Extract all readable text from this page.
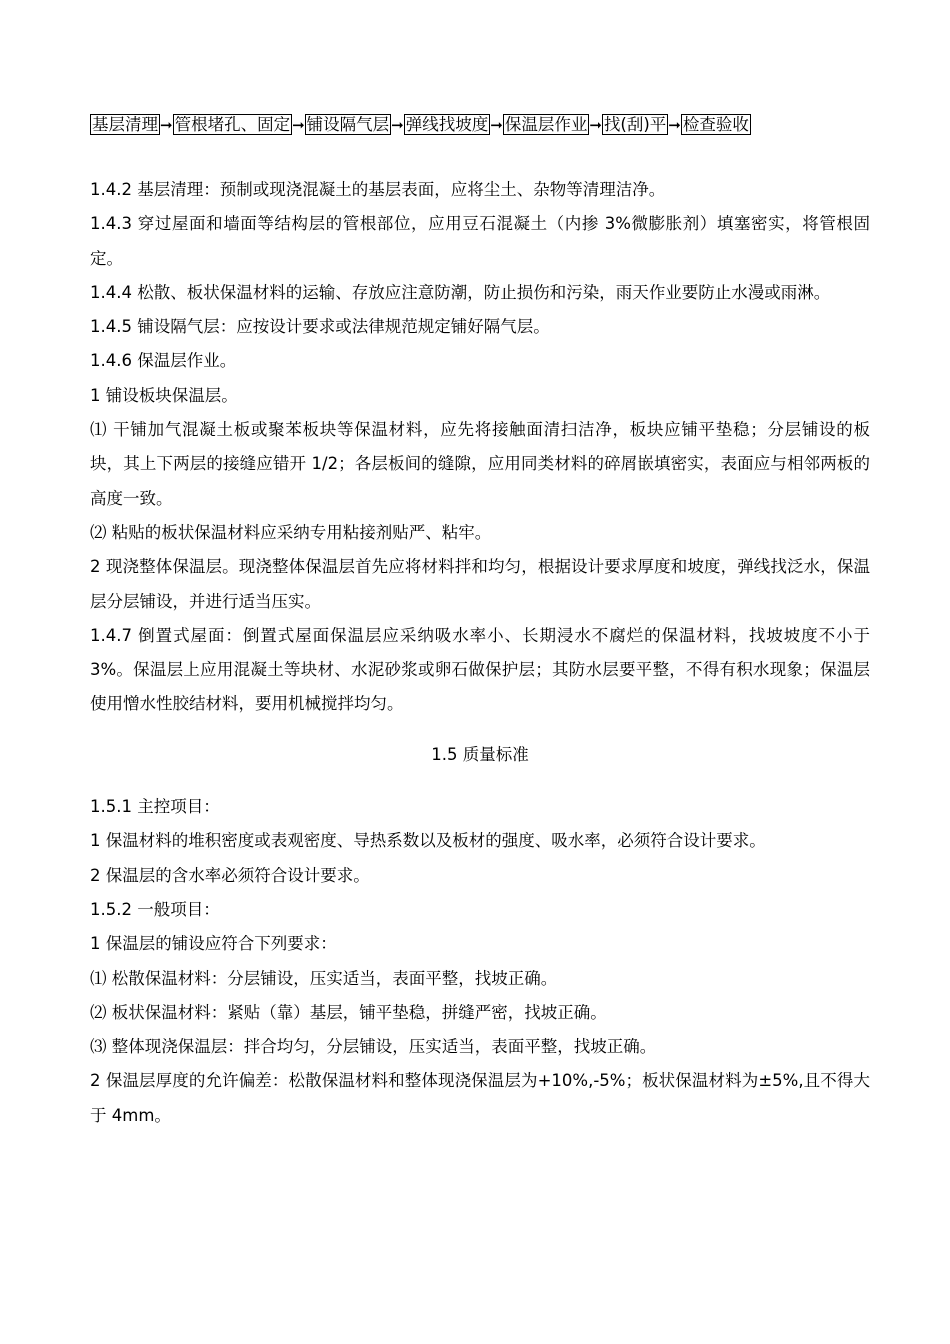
基层清理 ➞ 管根堵孔、固定 ➞ 铺设隔气层 ➞ 弹线找坡度 ➞ 保温层作业 ➞ 找(刮)平 ➞ 检查验收

1.4.2 基层清理：预制或现浇混凝土的基层表面，应将尘土、杂物等清理洁净。

1.4.3 穿过屋面和墙面等结构层的管根部位，应用豆石混凝土（内掺 3%微膨胀剂）填塞密实，将管根固定。

1.4.4 松散、板状保温材料的运输、存放应注意防潮，防止损伤和污染，雨天作业要防止水漫或雨淋。

1.4.5 铺设隔气层：应按设计要求或法律规范规定铺好隔气层。

1.4.6 保温层作业。

1 铺设板块保温层。

⑴ 干铺加气混凝土板或聚苯板块等保温材料，应先将接触面清扫洁净，板块应铺平垫稳；分层铺设的板块，其上下两层的接缝应错开 1/2；各层板间的缝隙，应用同类材料的碎屑嵌填密实，表面应与相邻两板的高度一致。

⑵ 粘贴的板状保温材料应采纳专用粘接剂贴严、粘牢。

2 现浇整体保温层。现浇整体保温层首先应将材料拌和均匀，根据设计要求厚度和坡度，弹线找泛水，保温层分层铺设，并进行适当压实。

1.4.7 倒置式屋面：倒置式屋面保温层应采纳吸水率小、长期浸水不腐烂的保温材料，找坡坡度不小于 3%。保温层上应用混凝土等块材、水泥砂浆或卵石做保护层；其防水层要平整，不得有积水现象；保温层使用憎水性胶结材料，要用机械搅拌均匀。

1.5 质量标准

1.5.1 主控项目：

1 保温材料的堆积密度或表观密度、导热系数以及板材的强度、吸水率，必须符合设计要求。

2 保温层的含水率必须符合设计要求。

1.5.2 一般项目：

1 保温层的铺设应符合下列要求：

⑴ 松散保温材料：分层铺设，压实适当，表面平整，找坡正确。

⑵ 板状保温材料：紧贴（靠）基层，铺平垫稳，拼缝严密，找坡正确。

⑶ 整体现浇保温层：拌合均匀，分层铺设，压实适当，表面平整，找坡正确。

2 保温层厚度的允许偏差：松散保温材料和整体现浇保温层为+10%,-5%；板状保温材料为±5%,且不得大于 4mm。
